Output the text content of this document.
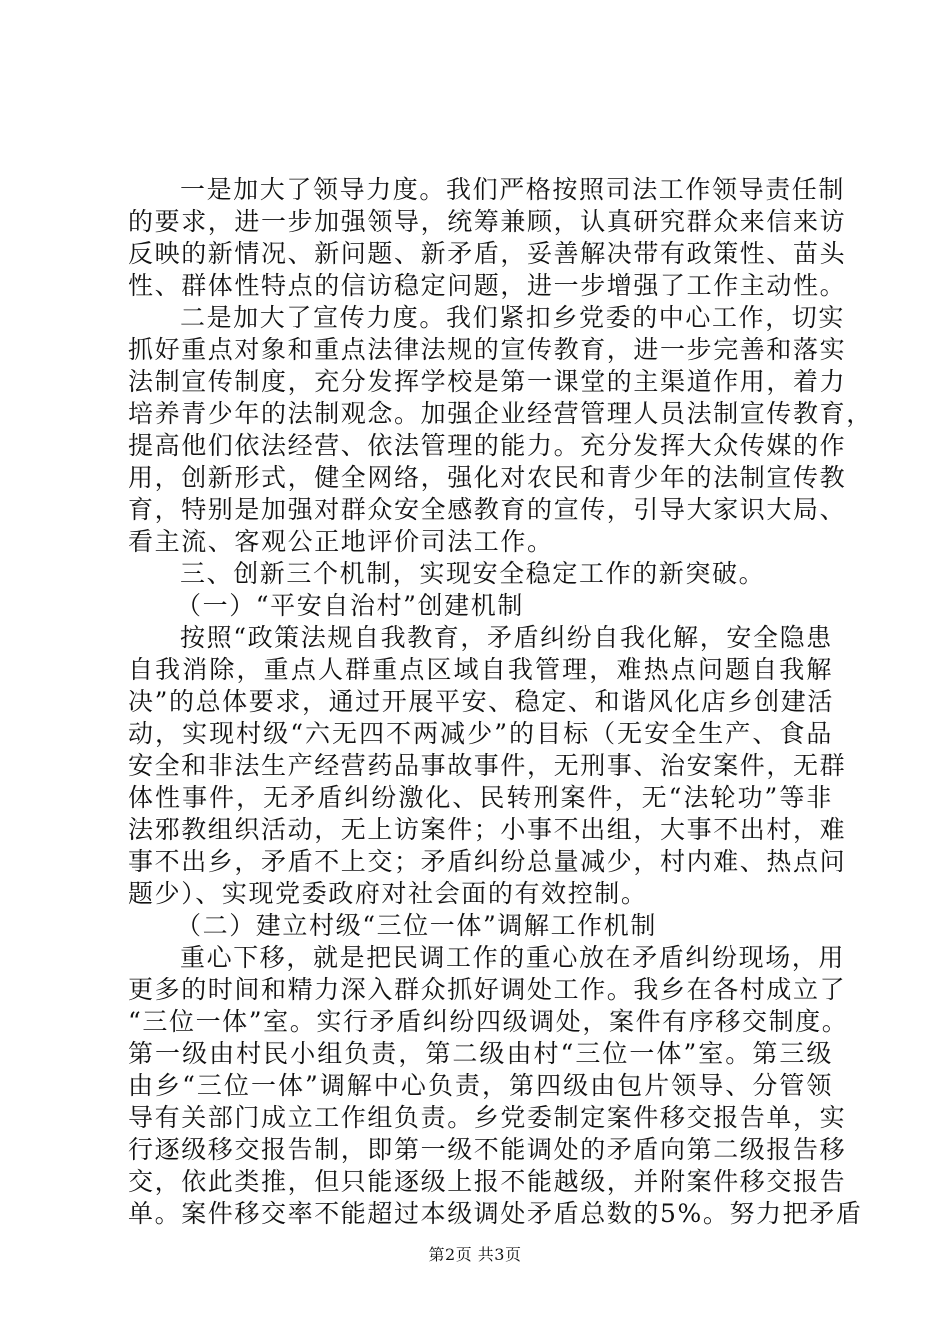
一是加大了领导力度。我们严格按照司法工作领导责任制
的要求，进一步加强领导，统筹兼顾，认真研究群众来信来访
反映的新情况、新问题、新矛盾，妥善解决带有政策性、苗头
性、群体性特点的信访稳定问题，进一步增强了工作主动性。
二是加大了宣传力度。我们紧扣乡党委的中心工作，切实
抓好重点对象和重点法律法规的宣传教育，进一步完善和落实
法制宣传制度，充分发挥学校是第一课堂的主渠道作用，着力
培养青少年的法制观念。加强企业经营管理人员法制宣传教育，
提高他们依法经营、依法管理的能力。充分发挥大众传媒的作
用，创新形式，健全网络，强化对农民和青少年的法制宣传教
育，特别是加强对群众安全感教育的宣传，引导大家识大局、
看主流、客观公正地评价司法工作。
三、创新三个机制，实现安全稳定工作的新突破。
（一）“平安自治村”创建机制
按照“政策法规自我教育，矛盾纠纷自我化解，安全隐患
自我消除，重点人群重点区域自我管理，难热点问题自我解
决”的总体要求，通过开展平安、稳定、和谐风化店乡创建活
动，实现村级“六无四不两减少”的目标（无安全生产、食品
安全和非法生产经营药品事故事件，无刑事、治安案件，无群
体性事件，无矛盾纠纷激化、民转刑案件，无“法轮功”等非
法邪教组织活动，无上访案件；小事不出组，大事不出村，难
事不出乡，矛盾不上交；矛盾纠纷总量减少，村内难、热点问
题少）、实现党委政府对社会面的有效控制。
（二）建立村级“三位一体”调解工作机制
重心下移，就是把民调工作的重心放在矛盾纠纷现场，用
更多的时间和精力深入群众抓好调处工作。我乡在各村成立了
“三位一体”室。实行矛盾纠纷四级调处，案件有序移交制度。
第一级由村民小组负责，第二级由村“三位一体”室。第三级
由乡“三位一体”调解中心负责，第四级由包片领导、分管领
导有关部门成立工作组负责。乡党委制定案件移交报告单，实
行逐级移交报告制，即第一级不能调处的矛盾向第二级报告移
交，依此类推，但只能逐级上报不能越级，并附案件移交报告
单。案件移交率不能超过本级调处矛盾总数的5%。努力把矛盾
第2页 共3页
